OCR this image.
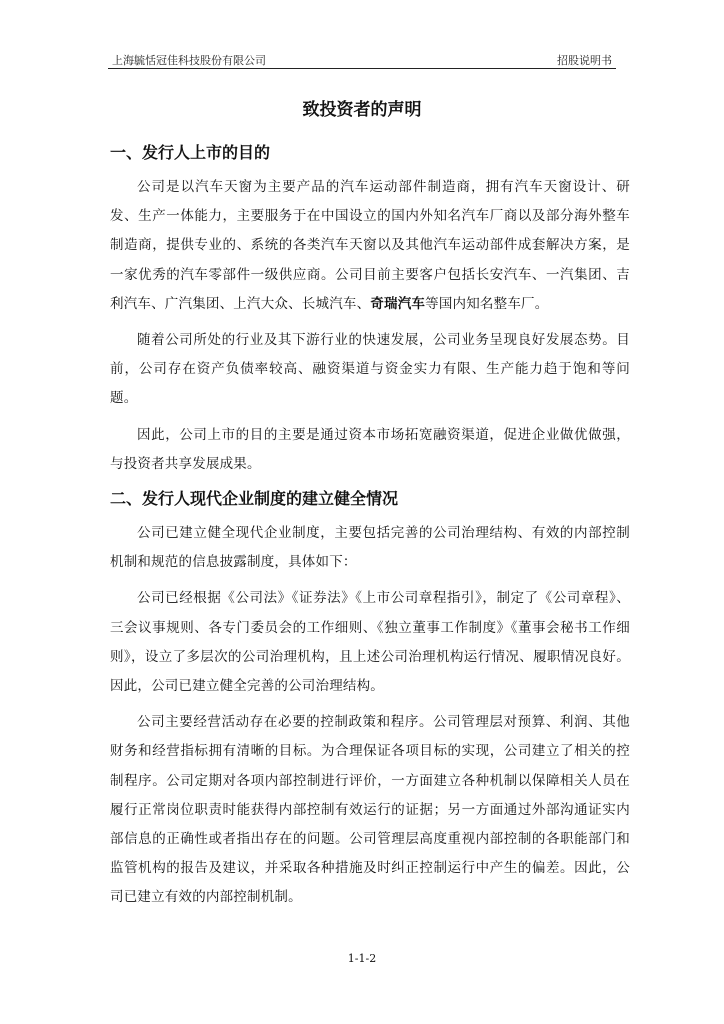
上海毓恬冠佳科技股份有限公司	招股说明书
致投资者的声明
一、发行人上市的目的

公司是以汽车天窗为主要产品的汽车运动部件制造商，拥有汽车天窗设计、研发、生产一体能力，主要服务于在中国设立的国内外知名汽车厂商以及部分海外整车制造商，提供专业的、系统的各类汽车天窗以及其他汽车运动部件成套解决方案，是一家优秀的汽车零部件一级供应商。公司目前主要客户包括长安汽车、一汽集团、吉利汽车、广汽集团、上汽大众、长城汽车、奇瑞汽车等国内知名整车厂。

随着公司所处的行业及其下游行业的快速发展，公司业务呈现良好发展态势。目前，公司存在资产负债率较高、融资渠道与资金实力有限、生产能力趋于饱和等问题。

因此，公司上市的目的主要是通过资本市场拓宽融资渠道，促进企业做优做强，与投资者共享发展成果。

二、发行人现代企业制度的建立健全情况

公司已建立健全现代企业制度，主要包括完善的公司治理结构、有效的内部控制机制和规范的信息披露制度，具体如下：

公司已经根据《公司法》《证券法》《上市公司章程指引》，制定了《公司章程》、三会议事规则、各专门委员会的工作细则、《独立董事工作制度》《董事会秘书工作细则》，设立了多层次的公司治理机构，且上述公司治理机构运行情况、履职情况良好。因此，公司已建立健全完善的公司治理结构。

公司主要经营活动存在必要的控制政策和程序。公司管理层对预算、利润、其他财务和经营指标拥有清晰的目标。为合理保证各项目标的实现，公司建立了相关的控制程序。公司定期对各项内部控制进行评价，一方面建立各种机制以保障相关人员在履行正常岗位职责时能获得内部控制有效运行的证据；另一方面通过外部沟通证实内部信息的正确性或者指出存在的问题。公司管理层高度重视内部控制的各职能部门和监管机构的报告及建议，并采取各种措施及时纠正控制运行中产生的偏差。因此，公司已建立有效的内部控制机制。

1-1-2
